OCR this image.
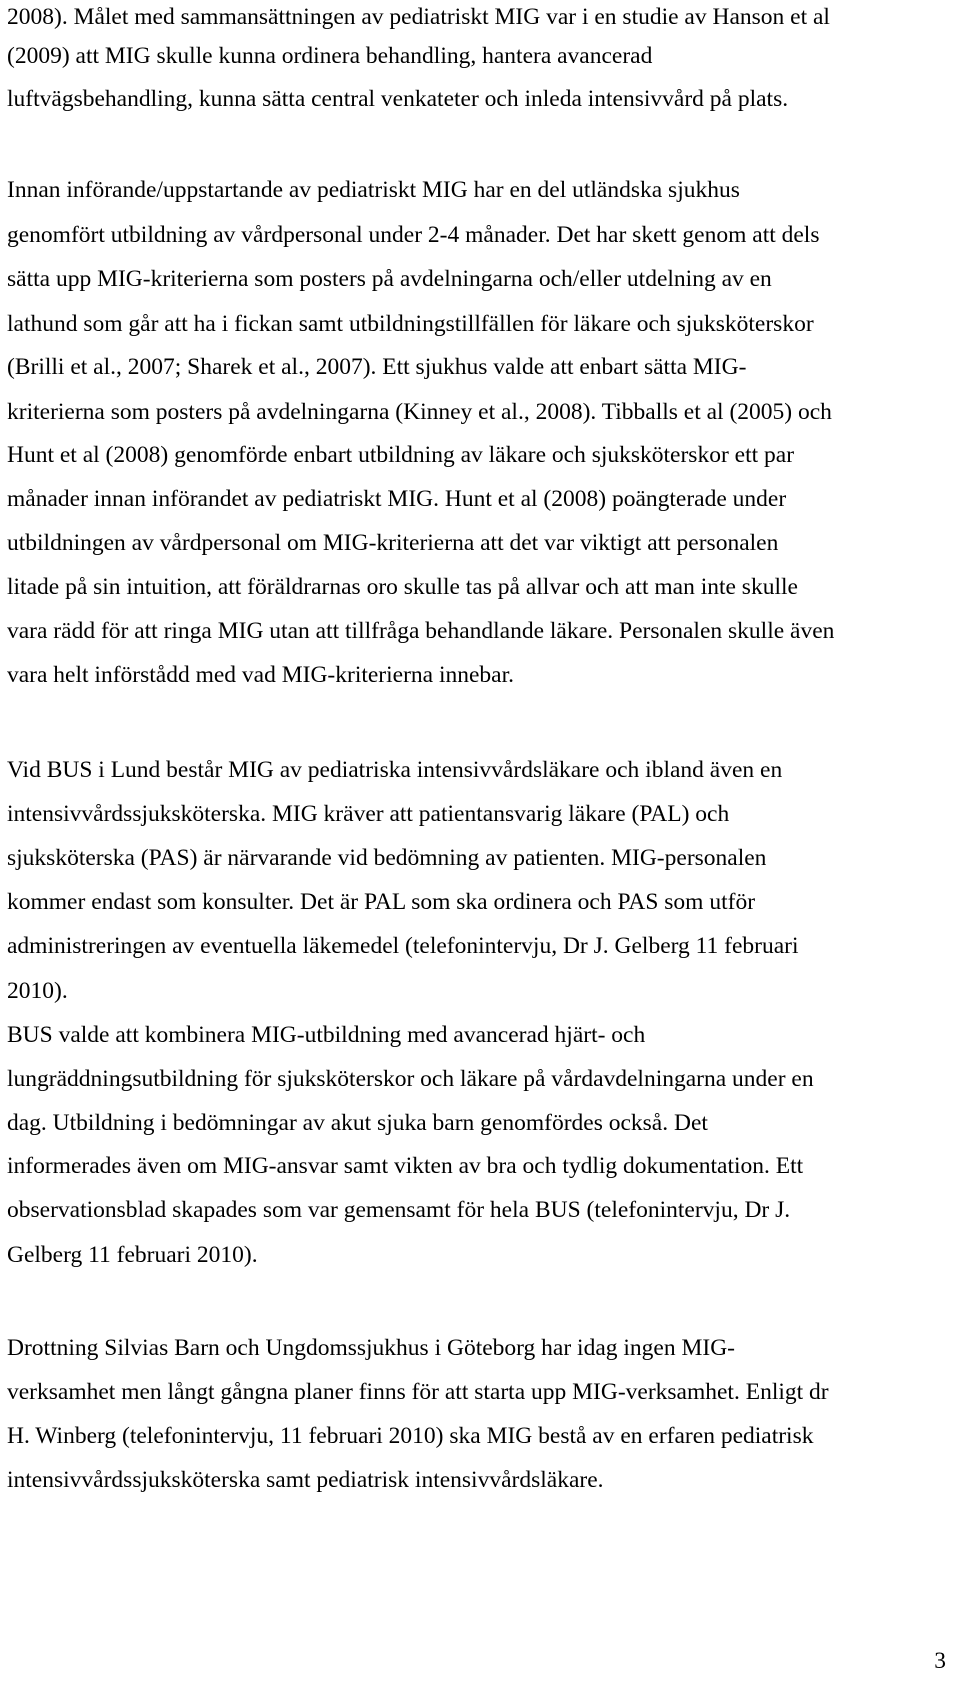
2008). Målet med sammansättningen av pediatriskt MIG var i en studie av Hanson et al

(2009) att MIG skulle kunna ordinera behandling, hantera avancerad

luftvägsbehandling, kunna sätta central venkateter och inleda intensivvård på plats.

Innan införande/uppstartande av pediatriskt MIG har en del utländska sjukhus

genomfört utbildning av vårdpersonal under 2-4 månader. Det har skett genom att dels

sätta upp MIG-kriterierna som posters på avdelningarna och/eller utdelning av en

lathund som går att ha i fickan samt utbildningstillfällen för läkare och sjuksköterskor

(Brilli et al., 2007; Sharek et al., 2007). Ett sjukhus valde att enbart sätta MIG-

kriterierna som posters på avdelningarna (Kinney et al., 2008). Tibballs et al (2005) och

Hunt et al (2008) genomförde enbart utbildning av läkare och sjuksköterskor ett par

månader innan införandet av pediatriskt MIG. Hunt et al (2008) poängterade under

utbildningen av vårdpersonal om MIG-kriterierna att det var viktigt att personalen

litade på sin intuition, att föräldrarnas oro skulle tas på allvar och att man inte skulle

vara rädd för att ringa MIG utan att tillfråga behandlande läkare. Personalen skulle även

vara helt införstådd med vad MIG-kriterierna innebar.

Vid BUS i Lund består MIG av pediatriska intensivvårdsläkare och ibland även en

intensivvårdssjuksköterska. MIG kräver att patientansvarig läkare (PAL) och

sjuksköterska (PAS) är närvarande vid bedömning av patienten. MIG-personalen

kommer endast som konsulter. Det är PAL som ska ordinera och PAS som utför

administreringen av eventuella läkemedel (telefonintervju, Dr J. Gelberg 11 februari

2010).

BUS valde att kombinera MIG-utbildning med avancerad hjärt- och

lungräddningsutbildning för sjuksköterskor och läkare på vårdavdelningarna under en

dag. Utbildning i bedömningar av akut sjuka barn genomfördes också. Det

informerades även om MIG-ansvar samt vikten av bra och tydlig dokumentation. Ett

observationsblad skapades som var gemensamt för hela BUS (telefonintervju, Dr J.

Gelberg 11 februari 2010).

Drottning Silvias Barn och Ungdomssjukhus i Göteborg har idag ingen MIG-

verksamhet men långt gångna planer finns för att starta upp MIG-verksamhet. Enligt dr

H. Winberg (telefonintervju, 11 februari 2010) ska MIG bestå av en erfaren pediatrisk

intensivvårdssjuksköterska samt pediatrisk intensivvårdsläkare.

3
